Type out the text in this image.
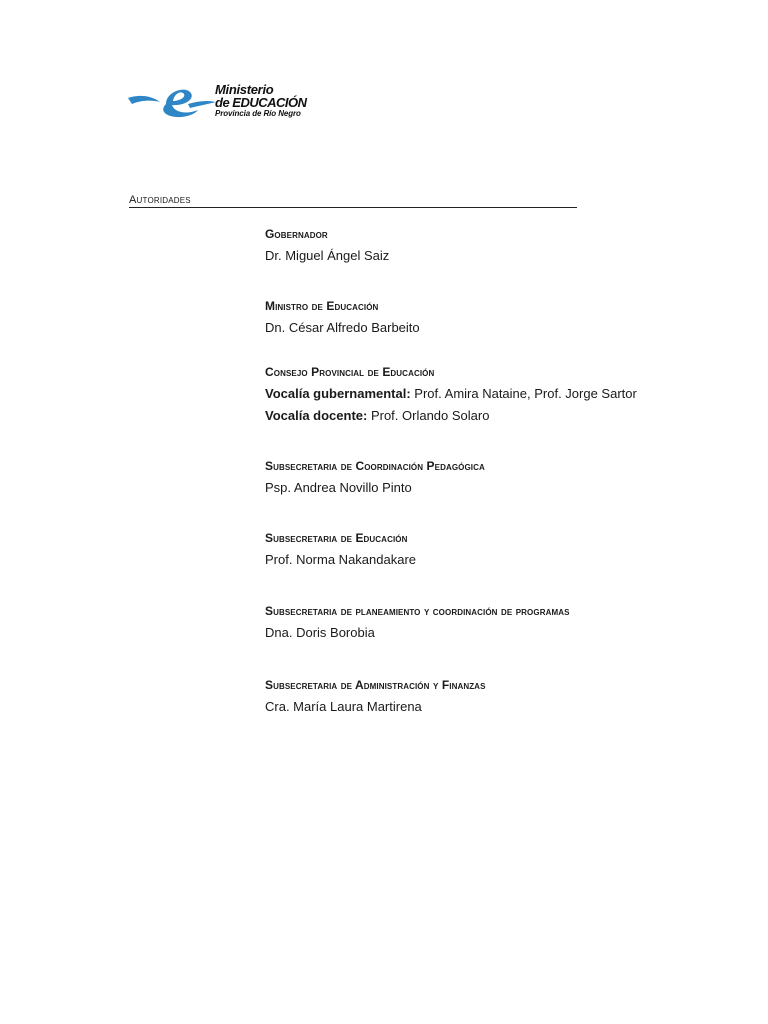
Ministerio
de EDUCACIÓN
Provincia de Río Negro
Autoridades
Gobernador
Dr. Miguel Ángel Saiz
Ministro de Educación
Dn. César Alfredo Barbeito
Consejo Provincial de Educación
Vocalía gubernamental: Prof. Amira Nataine, Prof. Jorge Sartor
Vocalía docente: Prof. Orlando Solaro
Subsecretaria de Coordinación Pedagógica
Psp. Andrea Novillo Pinto
Subsecretaria de Educación
Prof. Norma Nakandakare
Subsecretaria de planeamiento y coordinación de programas
Dna. Doris Borobia
Subsecretaria de Administración y Finanzas
Cra. María Laura Martirena
